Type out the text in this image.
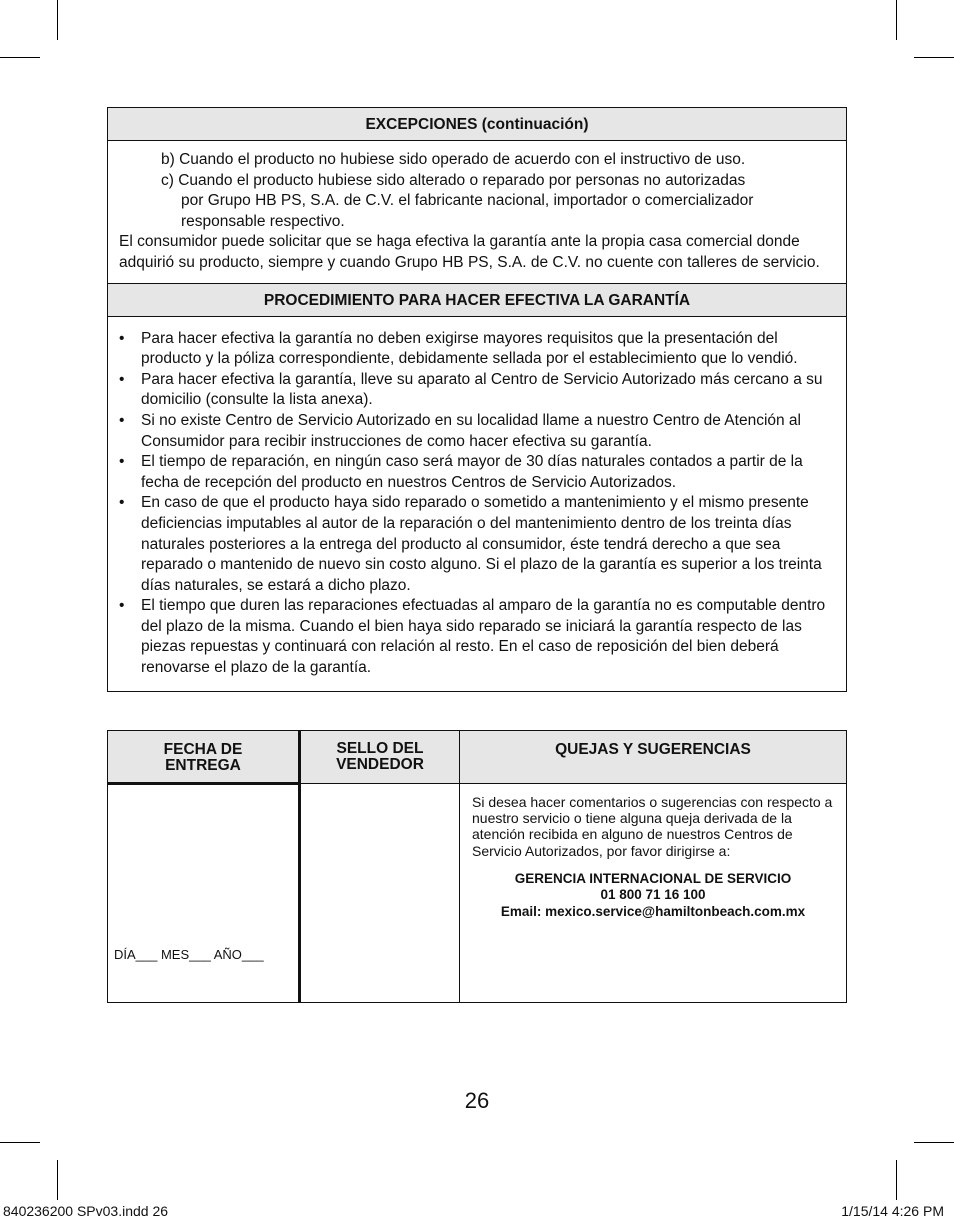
EXCEPCIONES (continuación)
b) Cuando el producto no hubiese sido operado de acuerdo con el instructivo de uso.
c) Cuando el producto hubiese sido alterado o reparado por personas no autorizadas
por Grupo HB PS, S.A. de C.V. el fabricante nacional, importador o comercializador
responsable respectivo.
El consumidor puede solicitar que se haga efectiva la garantía ante la propia casa comercial donde adquirió su producto, siempre y cuando Grupo HB PS, S.A. de C.V. no cuente con talleres de servicio.
PROCEDIMIENTO PARA HACER EFECTIVA LA GARANTÍA
• Para hacer efectiva la garantía no deben exigirse mayores requisitos que la presentación del producto y la póliza correspondiente, debidamente sellada por el establecimiento que lo vendió.
• Para hacer efectiva la garantía, lleve su aparato al Centro de Servicio Autorizado más cercano a su domicilio (consulte la lista anexa).
• Si no existe Centro de Servicio Autorizado en su localidad llame a nuestro Centro de Atención al Consumidor para recibir instrucciones de como hacer efectiva su garantía.
• El tiempo de reparación, en ningún caso será mayor de 30 días naturales contados a partir de la fecha de recepción del producto en nuestros Centros de Servicio Autorizados.
• En caso de que el producto haya sido reparado o sometido a mantenimiento y el mismo presente deficiencias imputables al autor de la reparación o del mantenimiento dentro de los treinta días naturales posteriores a la entrega del producto al consumidor, éste tendrá derecho a que sea reparado o mantenido de nuevo sin costo alguno. Si el plazo de la garantía es superior a los treinta días naturales, se estará a dicho plazo.
• El tiempo que duren las reparaciones efectuadas al amparo de la garantía no es computable dentro del plazo de la misma. Cuando el bien haya sido reparado se iniciará la garantía respecto de las piezas repuestas y continuará con relación al resto. En el caso de reposición del bien deberá renovarse el plazo de la garantía.
FECHA DE
ENTREGA
SELLO DEL
VENDEDOR
QUEJAS Y SUGERENCIAS
DÍA___ MES___ AÑO___
Si desea hacer comentarios o sugerencias con respecto a nuestro servicio o tiene alguna queja derivada de la atención recibida en alguno de nuestros Centros de Servicio Autorizados, por favor dirigirse a:
GERENCIA INTERNACIONAL DE SERVICIO
01 800 71 16 100
Email: mexico.service@hamiltonbeach.com.mx
26
840236200 SPv03.indd 26	1/15/14 4:26 PM
